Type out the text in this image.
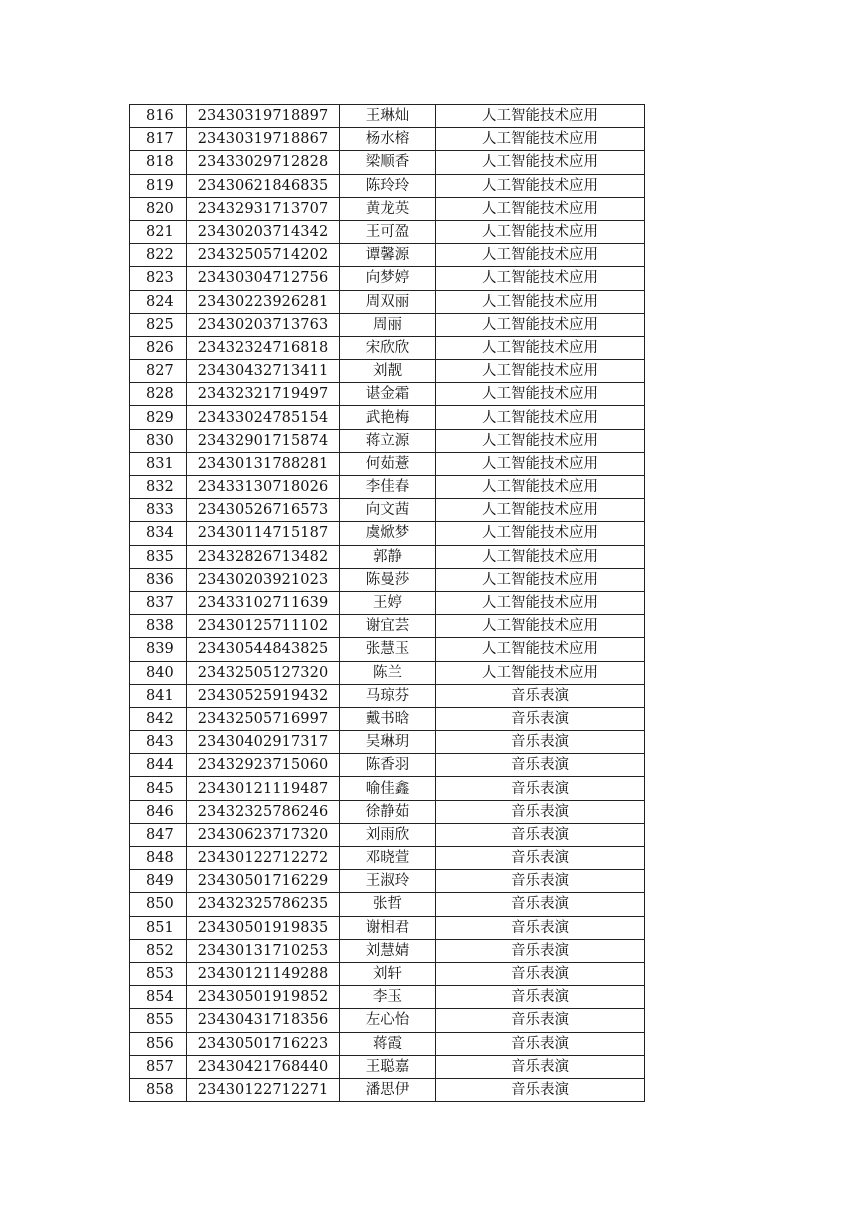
816	23430319718897	王琳灿	人工智能技术应用
817	23430319718867	杨水榕	人工智能技术应用
818	23433029712828	梁顺香	人工智能技术应用
819	23430621846835	陈玲玲	人工智能技术应用
820	23432931713707	黄龙英	人工智能技术应用
821	23430203714342	王可盈	人工智能技术应用
822	23432505714202	谭馨源	人工智能技术应用
823	23430304712756	向梦婷	人工智能技术应用
824	23430223926281	周双丽	人工智能技术应用
825	23430203713763	周丽	人工智能技术应用
826	23432324716818	宋欣欣	人工智能技术应用
827	23430432713411	刘靓	人工智能技术应用
828	23432321719497	谌金霜	人工智能技术应用
829	23433024785154	武艳梅	人工智能技术应用
830	23432901715874	蒋立源	人工智能技术应用
831	23430131788281	何茹薏	人工智能技术应用
832	23433130718026	李佳春	人工智能技术应用
833	23430526716573	向文茜	人工智能技术应用
834	23430114715187	虞焮梦	人工智能技术应用
835	23432826713482	郭静	人工智能技术应用
836	23430203921023	陈曼莎	人工智能技术应用
837	23433102711639	王婷	人工智能技术应用
838	23430125711102	谢宜芸	人工智能技术应用
839	23430544843825	张慧玉	人工智能技术应用
840	23432505127320	陈兰	人工智能技术应用
841	23430525919432	马琼芬	音乐表演
842	23432505716997	戴书晗	音乐表演
843	23430402917317	吴琳玥	音乐表演
844	23432923715060	陈香羽	音乐表演
845	23430121119487	喻佳鑫	音乐表演
846	23432325786246	徐静茹	音乐表演
847	23430623717320	刘雨欣	音乐表演
848	23430122712272	邓晓萱	音乐表演
849	23430501716229	王淑玲	音乐表演
850	23432325786235	张哲	音乐表演
851	23430501919835	谢相君	音乐表演
852	23430131710253	刘慧婧	音乐表演
853	23430121149288	刘轩	音乐表演
854	23430501919852	李玉	音乐表演
855	23430431718356	左心怡	音乐表演
856	23430501716223	蒋霞	音乐表演
857	23430421768440	王聪嘉	音乐表演
858	23430122712271	潘思伊	音乐表演
